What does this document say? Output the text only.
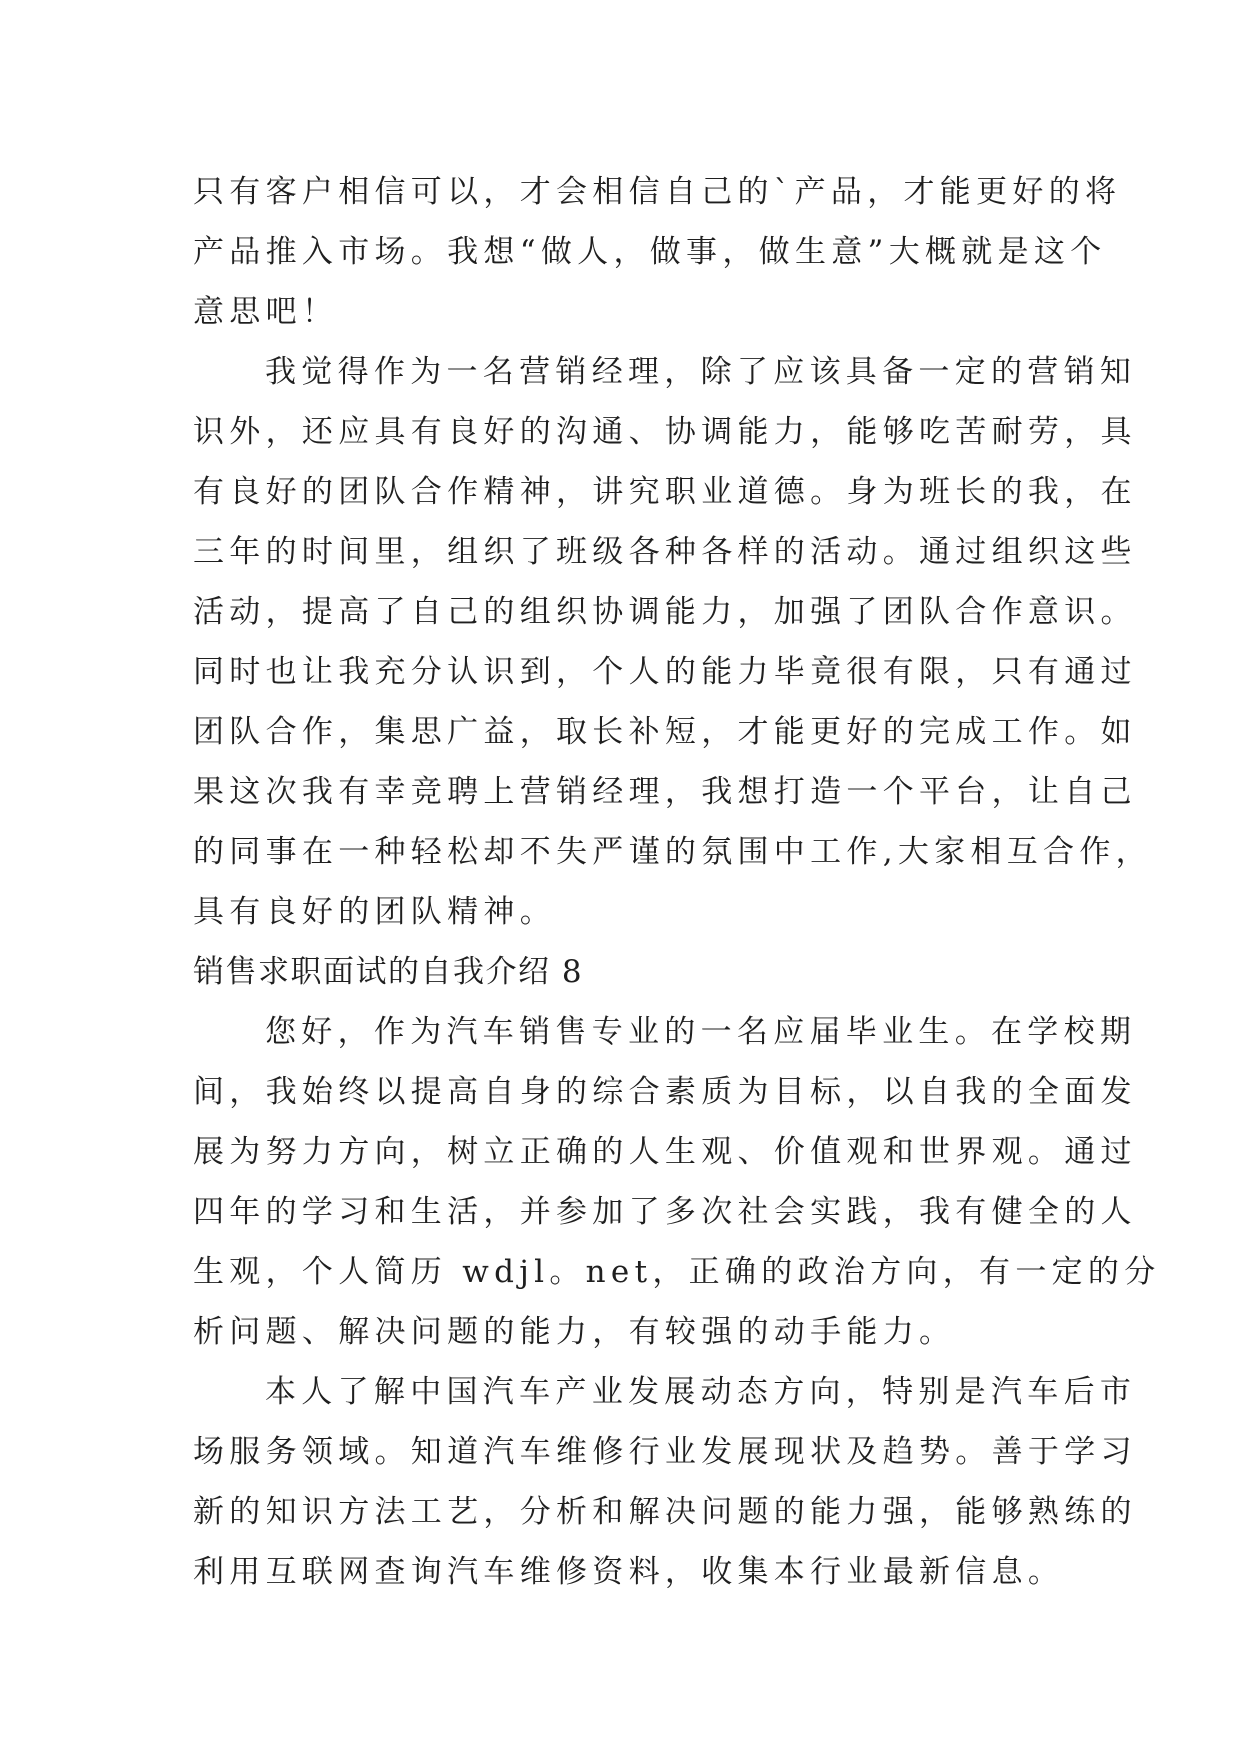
只有客户相信可以，才会相信自己的`产品，才能更好的将
产品推入市场。我想“做人，做事，做生意”大概就是这个
意思吧！
我觉得作为一名营销经理，除了应该具备一定的营销知
识外，还应具有良好的沟通、协调能力，能够吃苦耐劳，具
有良好的团队合作精神，讲究职业道德。身为班长的我，在
三年的时间里，组织了班级各种各样的活动。通过组织这些
活动，提高了自己的组织协调能力，加强了团队合作意识。
同时也让我充分认识到，个人的能力毕竟很有限，只有通过
团队合作，集思广益，取长补短，才能更好的完成工作。如
果这次我有幸竞聘上营销经理，我想打造一个平台，让自己
的同事在一种轻松却不失严谨的氛围中工作,大家相互合作，
具有良好的团队精神。
销售求职面试的自我介绍 8
您好，作为汽车销售专业的一名应届毕业生。在学校期
间，我始终以提高自身的综合素质为目标，以自我的全面发
展为努力方向，树立正确的人生观、价值观和世界观。通过
四年的学习和生活，并参加了多次社会实践，我有健全的人
生观，个人简历 wdjl。net，正确的政治方向，有一定的分
析问题、解决问题的能力，有较强的动手能力。
本人了解中国汽车产业发展动态方向，特别是汽车后市
场服务领域。知道汽车维修行业发展现状及趋势。善于学习
新的知识方法工艺，分析和解决问题的能力强，能够熟练的
利用互联网查询汽车维修资料，收集本行业最新信息。
